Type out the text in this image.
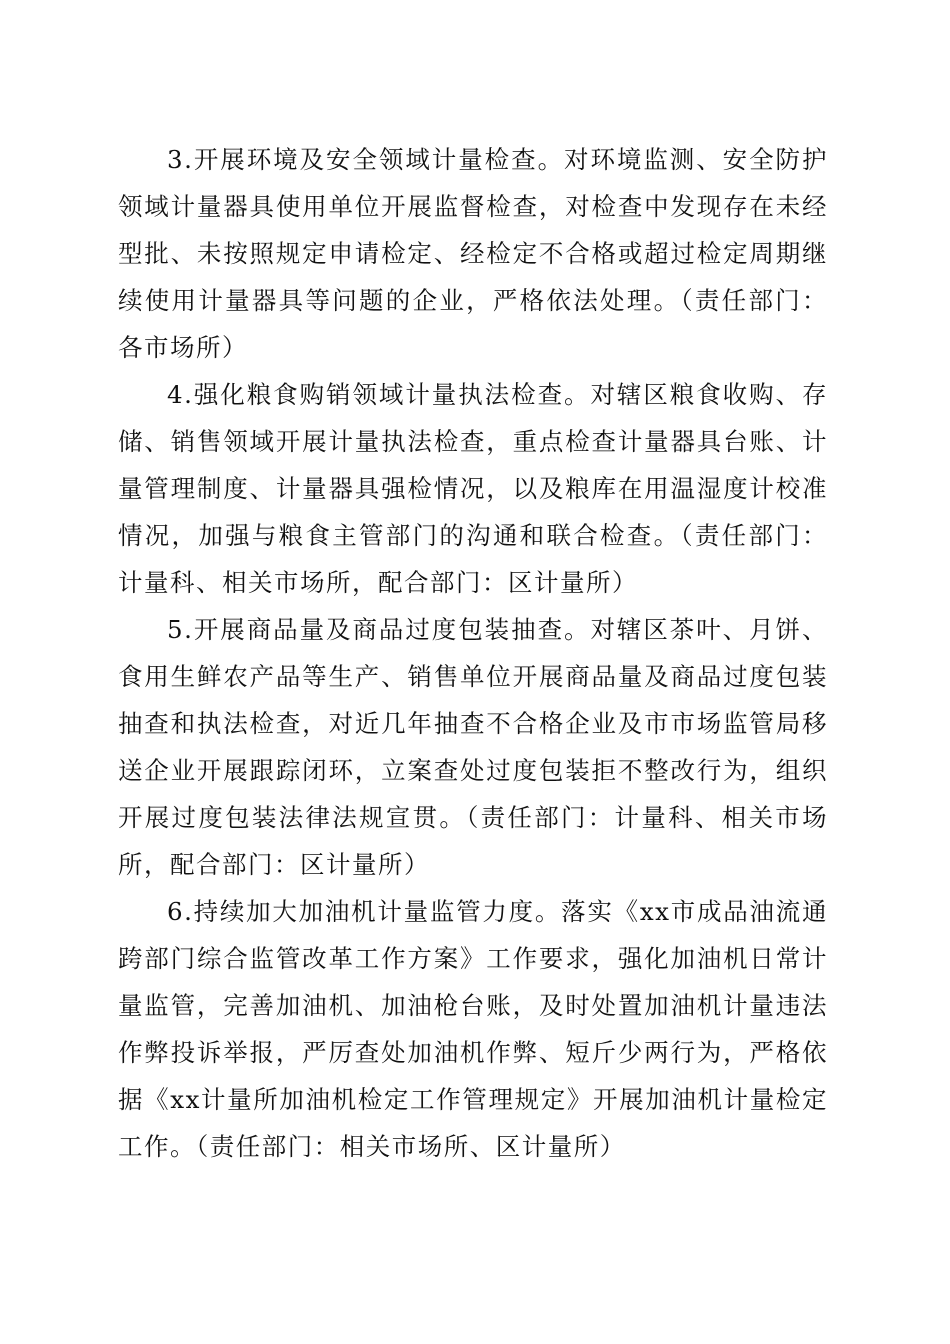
3.开展环境及安全领域计量检查。对环境监测、安全防护
领域计量器具使用单位开展监督检查，对检查中发现存在未经
型批、未按照规定申请检定、经检定不合格或超过检定周期继
续使用计量器具等问题的企业，严格依法处理。（责任部门：
各市场所）
4.强化粮食购销领域计量执法检查。对辖区粮食收购、存
储、销售领域开展计量执法检查，重点检查计量器具台账、计
量管理制度、计量器具强检情况，以及粮库在用温湿度计校准
情况，加强与粮食主管部门的沟通和联合检查。（责任部门：
计量科、相关市场所，配合部门：区计量所）
5.开展商品量及商品过度包装抽查。对辖区茶叶、月饼、
食用生鲜农产品等生产、销售单位开展商品量及商品过度包装
抽查和执法检查，对近几年抽查不合格企业及市市场监管局移
送企业开展跟踪闭环，立案查处过度包装拒不整改行为，组织
开展过度包装法律法规宣贯。（责任部门：计量科、相关市场
所，配合部门：区计量所）
6.持续加大加油机计量监管力度。落实《xx市成品油流通
跨部门综合监管改革工作方案》工作要求，强化加油机日常计
量监管，完善加油机、加油枪台账，及时处置加油机计量违法
作弊投诉举报，严厉查处加油机作弊、短斤少两行为，严格依
据《xx计量所加油机检定工作管理规定》开展加油机计量检定
工作。（责任部门：相关市场所、区计量所）
